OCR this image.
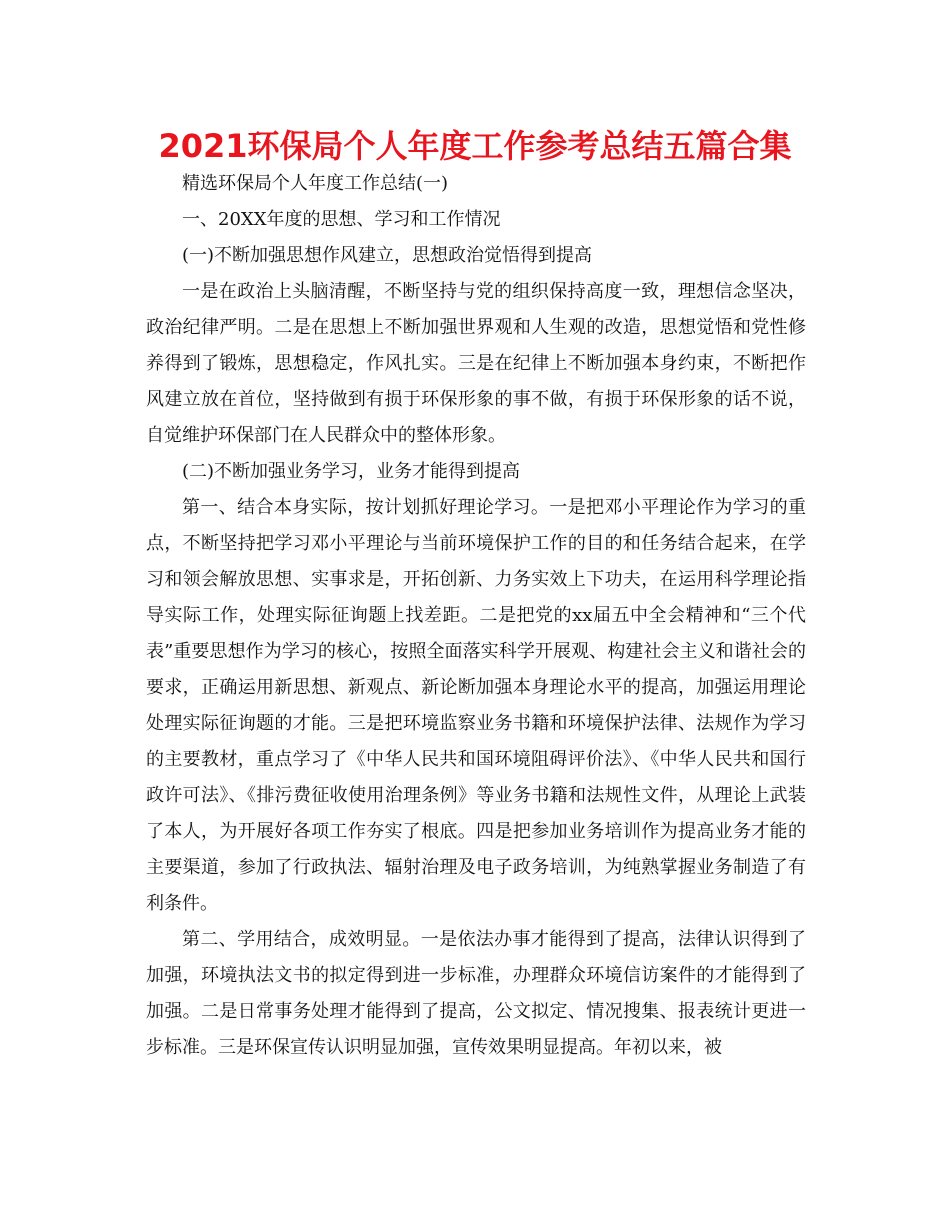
2021环保局个人年度工作参考总结五篇合集

精选环保局个人年度工作总结(一)

一、20XX年度的思想、学习和工作情况

(一)不断加强思想作风建立，思想政治觉悟得到提高

一是在政治上头脑清醒，不断坚持与党的组织保持高度一致，理想信念坚决，政治纪律严明。二是在思想上不断加强世界观和人生观的改造，思想觉悟和党性修养得到了锻炼，思想稳定，作风扎实。三是在纪律上不断加强本身约束，不断把作风建立放在首位，坚持做到有损于环保形象的事不做，有损于环保形象的话不说，自觉维护环保部门在人民群众中的整体形象。

(二)不断加强业务学习，业务才能得到提高

第一、结合本身实际，按计划抓好理论学习。一是把邓小平理论作为学习的重点，不断坚持把学习邓小平理论与当前环境保护工作的目的和任务结合起来，在学习和领会解放思想、实事求是，开拓创新、力务实效上下功夫，在运用科学理论指导实际工作，处理实际征询题上找差距。二是把党的xx届五中全会精神和“三个代表”重要思想作为学习的核心，按照全面落实科学开展观、构建社会主义和谐社会的要求，正确运用新思想、新观点、新论断加强本身理论水平的提高，加强运用理论处理实际征询题的才能。三是把环境监察业务书籍和环境保护法律、法规作为学习的主要教材，重点学习了《中华人民共和国环境阻碍评价法》、《中华人民共和国行政许可法》、《排污费征收使用治理条例》等业务书籍和法规性文件，从理论上武装了本人，为开展好各项工作夯实了根底。四是把参加业务培训作为提高业务才能的主要渠道，参加了行政执法、辐射治理及电子政务培训，为纯熟掌握业务制造了有利条件。

第二、学用结合，成效明显。一是依法办事才能得到了提高，法律认识得到了加强，环境执法文书的拟定得到进一步标准，办理群众环境信访案件的才能得到了加强。二是日常事务处理才能得到了提高，公文拟定、情况搜集、报表统计更进一步标准。三是环保宣传认识明显加强，宣传效果明显提高。年初以来，被
